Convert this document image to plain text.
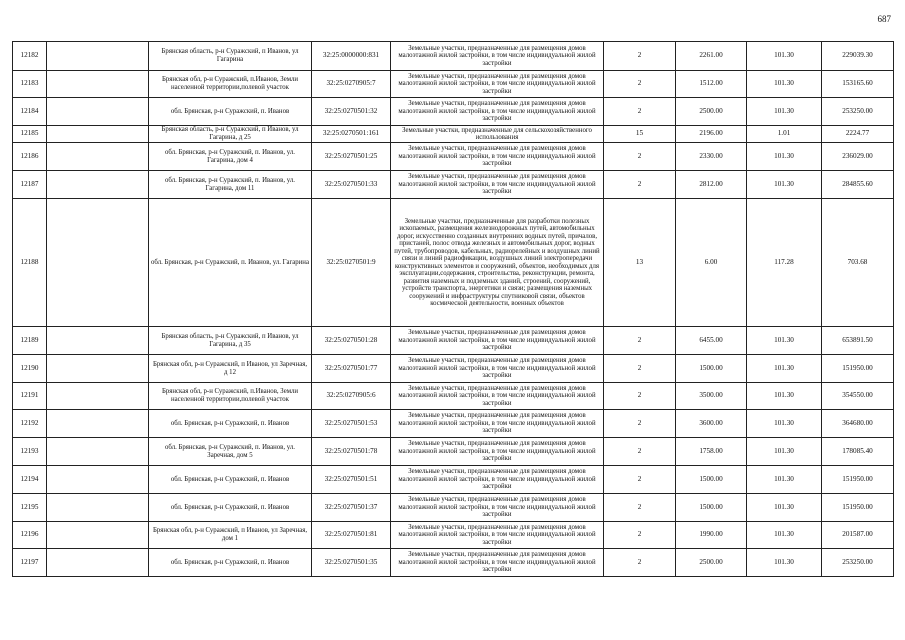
687
12182		Брянская область, р-н Суражский, п Иванов, ул Гагарина	32:25:0000000:831	Земельные участки, предназначенные для размещения домов малоэтажной жилой застройки, в том числе индивидуальной жилой застройки	2	2261.00	101.30	229039.30
12183		Брянская обл, р-н Суражский, п.Иванов, Земли населенной территории,полевой участок	32:25:0270905:7	Земельные участки, предназначенные для размещения домов малоэтажной жилой застройки, в том числе индивидуальной жилой застройки	2	1512.00	101.30	153165.60
12184		обл. Брянская, р-н Суражский, п. Иванов	32:25:0270501:32	Земельные участки, предназначенные для размещения домов малоэтажной жилой застройки, в том числе индивидуальной жилой застройки	2	2500.00	101.30	253250.00
12185		Брянская область, р-н Суражский, п Иванов, ул Гагарина, д 25	32:25:0270501:161	Земельные участки, предназначенные для сельскохозяйственного использования	15	2196.00	1.01	2224.77
12186		обл. Брянская, р-н Суражский, п. Иванов, ул. Гагарина, дом 4	32:25:0270501:25	Земельные участки, предназначенные для размещения домов малоэтажной жилой застройки, в том числе индивидуальной жилой застройки	2	2330.00	101.30	236029.00
12187		обл. Брянская, р-н Суражский, п. Иванов, ул. Гагарина, дом 11	32:25:0270501:33	Земельные участки, предназначенные для размещения домов малоэтажной жилой застройки, в том числе индивидуальной жилой застройки	2	2812.00	101.30	284855.60
12188		обл. Брянская, р-н Суражский, п. Иванов, ул. Гагарина	32:25:0270501:9	Земельные участки, предназначенные для разработки полезных ископаемых, размещения железнодорожных путей, автомобильных дорог, искусственно созданных внутренних водных путей, причалов, пристаней, полос отвода железных и автомобильных дорог, водных путей, трубопроводов, кабельных, радиорелейных и воздушных линий связи и линий радиофикации, воздушных линий электропередачи конструктивных элементов и сооружений, объектов, необходимых для эксплуатации,содержания, строительства, реконструкции, ремонта, развития наземных и подземных зданий, строений, сооружений, устройств транспорта, энергетики и связи; размещения наземных сооружений и инфраструктуры спутниковой связи, объектов космической деятельности, военных объектов	13	6.00	117.28	703.68
12189		Брянская область, р-н Суражский, п Иванов, ул Гагарина, д 35	32:25:0270501:28	Земельные участки, предназначенные для размещения домов малоэтажной жилой застройки, в том числе индивидуальной жилой застройки	2	6455.00	101.30	653891.50
12190		Брянская обл, р-н Суражский, п Иванов, ул Заречная, д 12	32:25:0270501:77	Земельные участки, предназначенные для размещения домов малоэтажной жилой застройки, в том числе индивидуальной жилой застройки	2	1500.00	101.30	151950.00
12191		Брянская обл, р-н Суражский, п.Иванов, Земли населенной территории,полевой участок	32:25:0270905:6	Земельные участки, предназначенные для размещения домов малоэтажной жилой застройки, в том числе индивидуальной жилой застройки	2	3500.00	101.30	354550.00
12192		обл. Брянская, р-н Суражский, п. Иванов	32:25:0270501:53	Земельные участки, предназначенные для размещения домов малоэтажной жилой застройки, в том числе индивидуальной жилой застройки	2	3600.00	101.30	364680.00
12193		обл. Брянская, р-н Суражский, п. Иванов, ул. Заречная, дом 5	32:25:0270501:78	Земельные участки, предназначенные для размещения домов малоэтажной жилой застройки, в том числе индивидуальной жилой застройки	2	1758.00	101.30	178085.40
12194		обл. Брянская, р-н Суражский, п. Иванов	32:25:0270501:51	Земельные участки, предназначенные для размещения домов малоэтажной жилой застройки, в том числе индивидуальной жилой застройки	2	1500.00	101.30	151950.00
12195		обл. Брянская, р-н Суражский, п. Иванов	32:25:0270501:37	Земельные участки, предназначенные для размещения домов малоэтажной жилой застройки, в том числе индивидуальной жилой застройки	2	1500.00	101.30	151950.00
12196		Брянская обл, р-н Суражский, п Иванов, ул Заречная, дом 1	32:25:0270501:81	Земельные участки, предназначенные для размещения домов малоэтажной жилой застройки, в том числе индивидуальной жилой застройки	2	1990.00	101.30	201587.00
12197		обл. Брянская, р-н Суражский, п. Иванов	32:25:0270501:35	Земельные участки, предназначенные для размещения домов малоэтажной жилой застройки, в том числе индивидуальной жилой застройки	2	2500.00	101.30	253250.00
